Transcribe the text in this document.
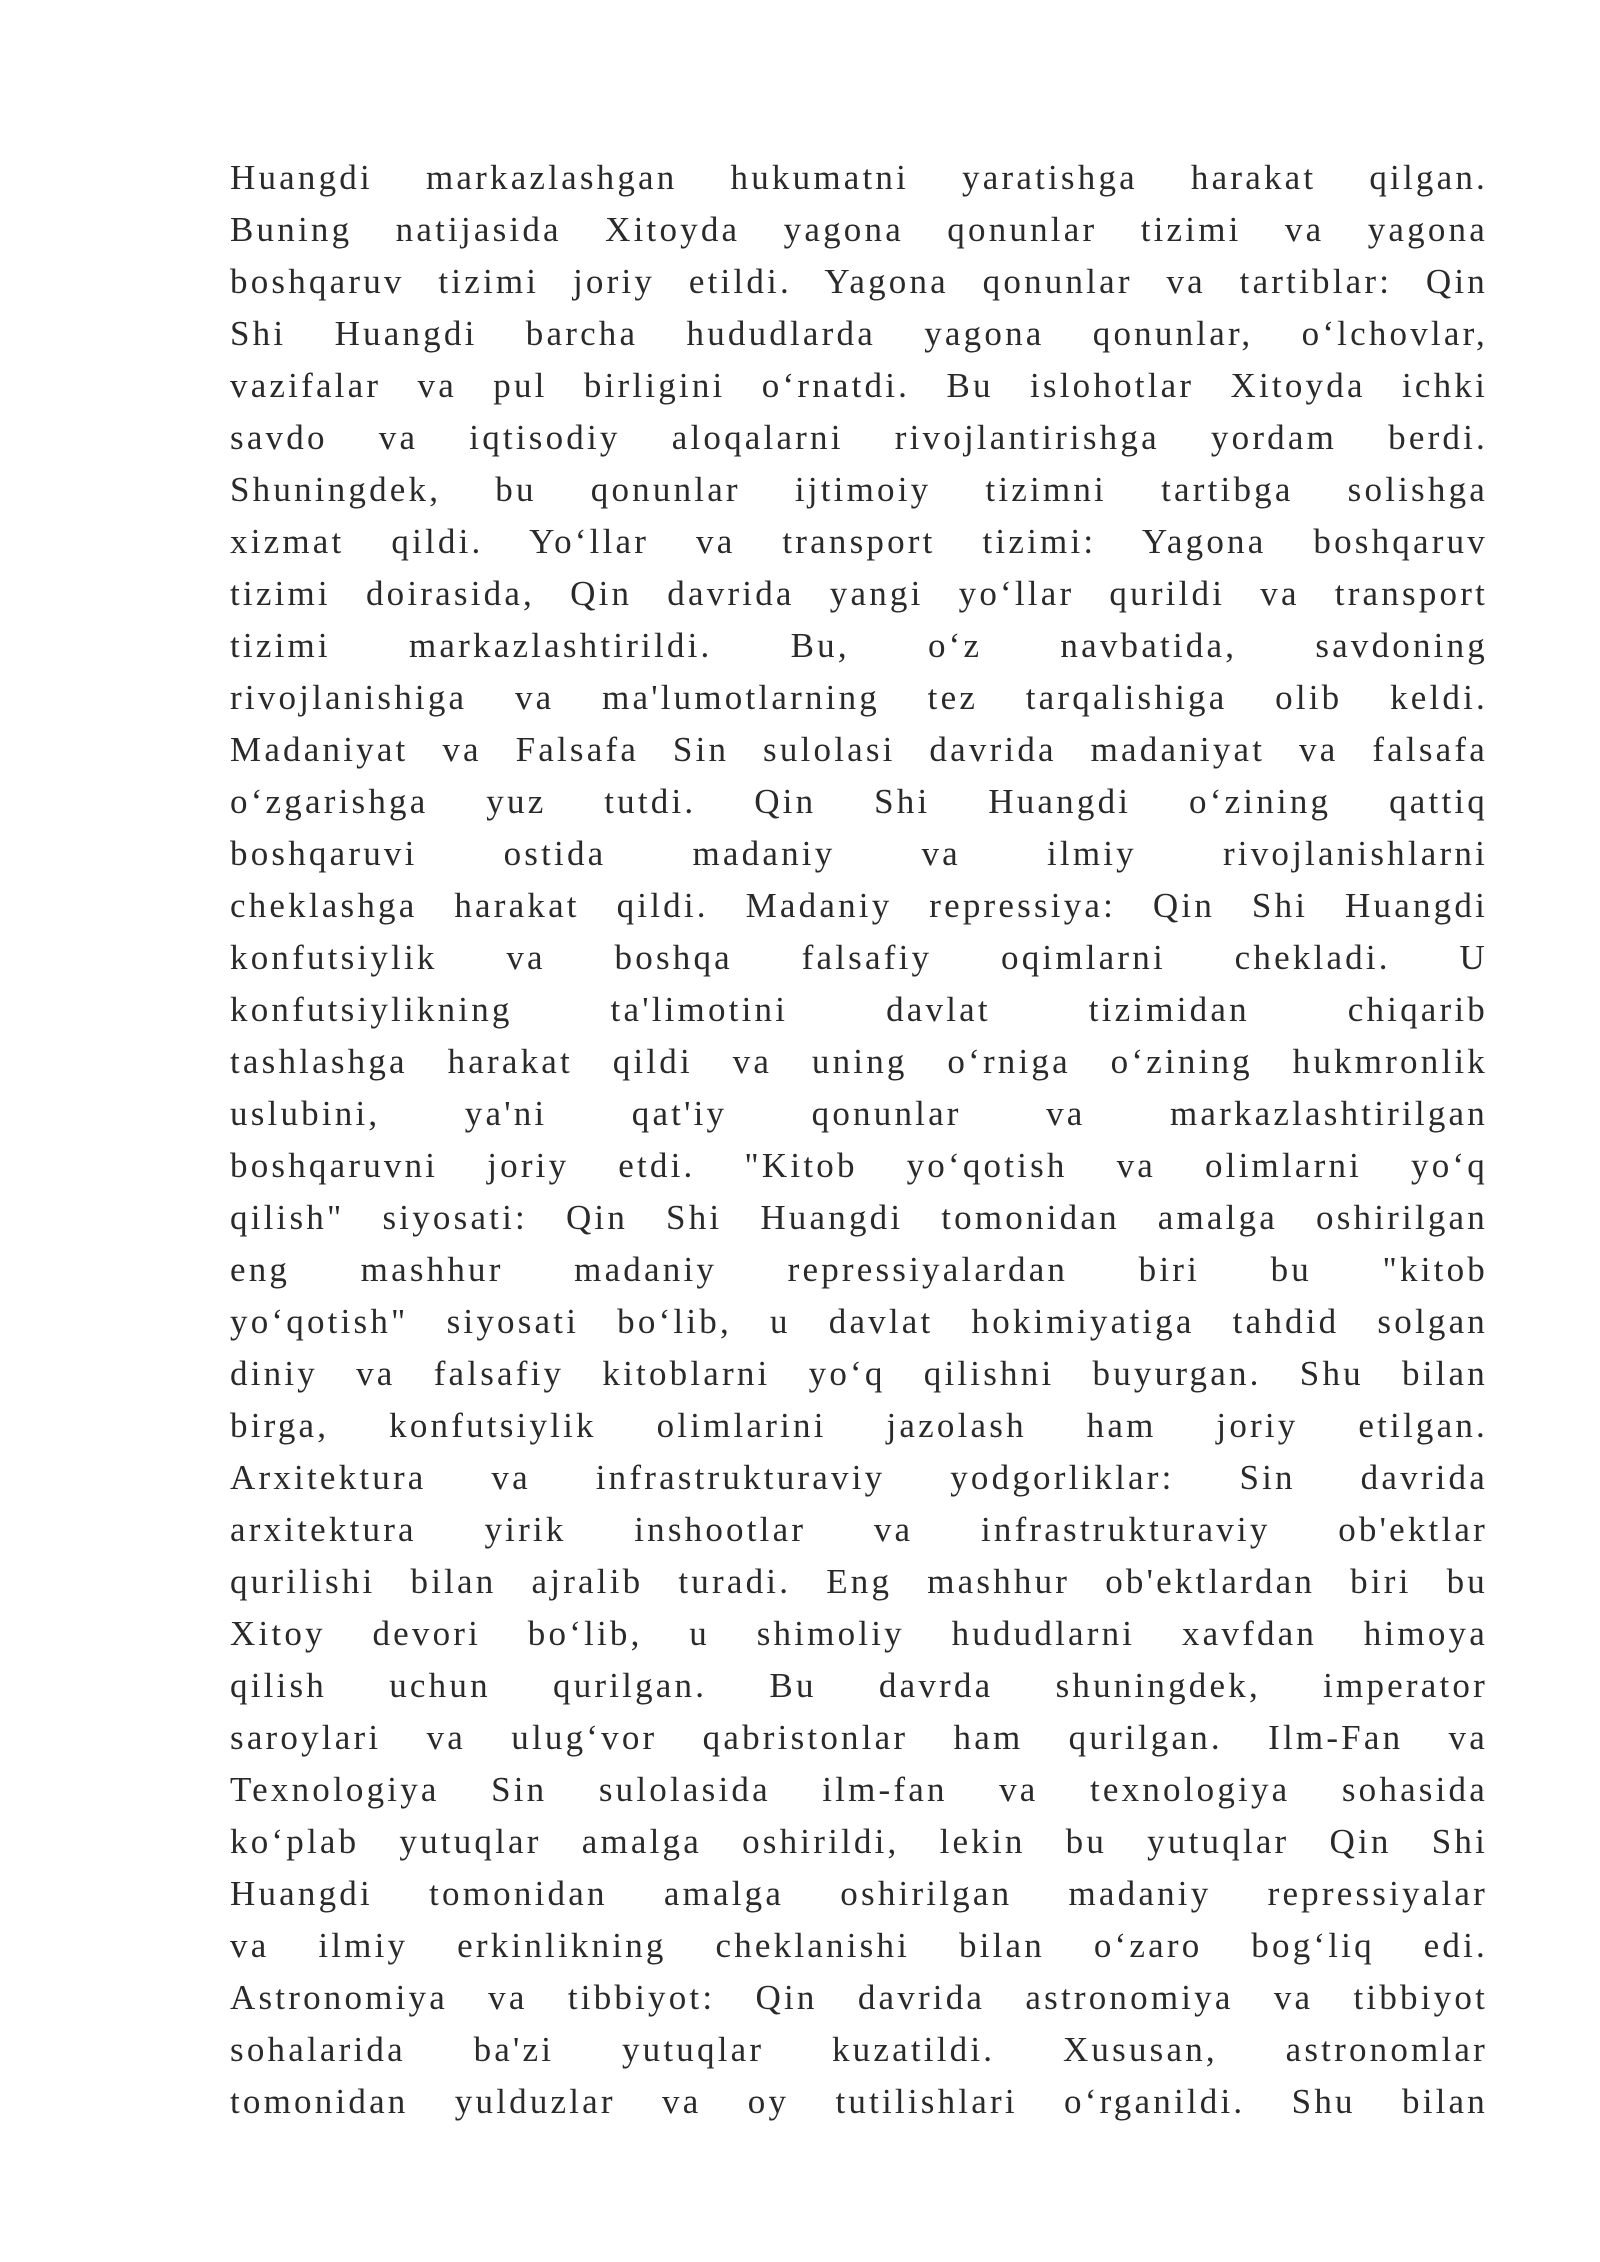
Huangdi markazlashgan hukumatni yaratishga harakat qilgan.
Buning natijasida Xitoyda yagona qonunlar tizimi va yagona
boshqaruv tizimi joriy etildi. Yagona qonunlar va tartiblar: Qin
Shi Huangdi barcha hududlarda yagona qonunlar, o‘lchovlar,
vazifalar va pul birligini o‘rnatdi. Bu islohotlar Xitoyda ichki
savdo va iqtisodiy aloqalarni rivojlantirishga yordam berdi.
Shuningdek, bu qonunlar ijtimoiy tizimni tartibga solishga
xizmat qildi. Yo‘llar va transport tizimi: Yagona boshqaruv
tizimi doirasida, Qin davrida yangi yo‘llar qurildi va transport
tizimi markazlashtirildi. Bu, o‘z navbatida, savdoning
rivojlanishiga va ma'lumotlarning tez tarqalishiga olib keldi.
Madaniyat va Falsafa Sin sulolasi davrida madaniyat va falsafa
o‘zgarishga yuz tutdi. Qin Shi Huangdi o‘zining qattiq
boshqaruvi ostida madaniy va ilmiy rivojlanishlarni
cheklashga harakat qildi. Madaniy repressiya: Qin Shi Huangdi
konfutsiylik va boshqa falsafiy oqimlarni chekladi. U
konfutsiylikning ta'limotini davlat tizimidan chiqarib
tashlashga harakat qildi va uning o‘rniga o‘zining hukmronlik
uslubini, ya'ni qat'iy qonunlar va markazlashtirilgan
boshqaruvni joriy etdi. "Kitob yo‘qotish va olimlarni yo‘q
qilish" siyosati: Qin Shi Huangdi tomonidan amalga oshirilgan
eng mashhur madaniy repressiyalardan biri bu "kitob
yo‘qotish" siyosati bo‘lib, u davlat hokimiyatiga tahdid solgan
diniy va falsafiy kitoblarni yo‘q qilishni buyurgan. Shu bilan
birga, konfutsiylik olimlarini jazolash ham joriy etilgan.
Arxitektura va infrastrukturaviy yodgorliklar: Sin davrida
arxitektura yirik inshootlar va infrastrukturaviy ob'ektlar
qurilishi bilan ajralib turadi. Eng mashhur ob'ektlardan biri bu
Xitoy devori bo‘lib, u shimoliy hududlarni xavfdan himoya
qilish uchun qurilgan. Bu davrda shuningdek, imperator
saroylari va ulug‘vor qabristonlar ham qurilgan. Ilm-Fan va
Texnologiya Sin sulolasida ilm-fan va texnologiya sohasida
ko‘plab yutuqlar amalga oshirildi, lekin bu yutuqlar Qin Shi
Huangdi tomonidan amalga oshirilgan madaniy repressiyalar
va ilmiy erkinlikning cheklanishi bilan o‘zaro bog‘liq edi.
Astronomiya va tibbiyot: Qin davrida astronomiya va tibbiyot
sohalarida ba'zi yutuqlar kuzatildi. Xususan, astronomlar
tomonidan yulduzlar va oy tutilishlari o‘rganildi. Shu bilan
